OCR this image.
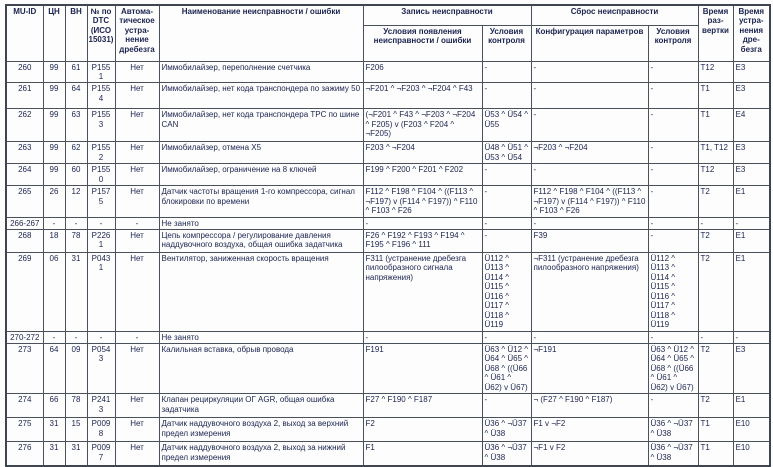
MU-ID	ЦН	ВН	№ по DTC (ИСО 15031)	Автома-тическое устра-нение дребезга	Наименование неисправности / ошибки	Запись неисправности		Сброс неисправности		Время раз-вертки	Время устра-нения дре-безга
						Условия появления неисправности / ошибки	Условия контроля	Конфигурация параметров	Условия контроля		
260	99	61	P1551	Нет	Иммобилайзер, переполнение счетчика	F206	-	-	-	T12	E3
261	99	64	P1554	Нет	Иммобилайзер, нет кода транспондера по зажиму 50	¬F201 ^ ¬F203 ^ ¬F204 ^ F43	-	-	-	T1	E3
262	99	63	P1553	Нет	Иммобилайзер, нет кода транспондера TPC по шине CAN	(¬F201 ^ F43 ^ ¬F203 ^ ¬F204 ^ F205) v (F203 ^ F204 ^ ¬F205)	Ü53 ^ Ü54 ^ Ü55	-	-	T1	E4
263	99	62	P1552	Нет	Иммобилайзер, отмена X5	F203 ^ ¬F204	Ü48 ^ Ü51 ^ Ü53 ^ Ü54	¬F203 ^ ¬F204	-	T1, T12	E3
264	99	60	P1550	Нет	Иммобилайзер, ограничение на 8 ключей	F199 ^ F200 ^ F201 ^ F202	-	-	-	T12	E3
265	26	12	P1575	Нет	Датчик частоты вращения 1-го компрессора, сигнал блокировки по времени	F112 ^ F198 ^ F104 ^ ((F113 ^ ¬F197) v (F114 ^ F197)) ^ F110 ^ F103 ^ F26	-	F112 ^ F198 ^ F104 ^ ((F113 ^ ¬F197) v (F114 ^ F197)) ^ F110 ^ F103 ^ F26	-	T2	E1
266-267	-	-	-	-	Не занято	-	-	-	-	-	-
268	18	78	P2261	Нет	Цепь компрессора / регулирование давления наддувочного воздуха, общая ошибка задатчика	F26 ^ F192 ^ F193 ^ F194 ^ F195 ^ F196 ^ 111	-	F39	-	T2	E1
269	06	31	P0431	Нет	Вентилятор, заниженная скорость вращения	F311 (устранение дребезга пилообразного сигнала напряжения)	Ü112 ^ Ü113 ^ Ü114 ^ Ü115 ^ Ü116 ^ Ü117 ^ Ü118 ^ Ü119	¬F311 (устранение дребезга пилообразного напряжения)	Ü112 ^ Ü113 ^ Ü114 ^ Ü115 ^ Ü116 ^ Ü117 ^ Ü118 ^ Ü119	T2	E1
270-272	-	-	-	-	Не занято	-	-	-	-	-	-
273	64	09	P0543	Нет	Калильная вставка, обрыв провода	F191	Ü63 ^ Ü12 ^ Ü64 ^ Ü65 ^ Ü68 ^ ((Ü66 ^ Ü61 ^ Ü62) v Ü67)	¬F191	Ü63 ^ Ü12 ^ Ü64 ^ Ü65 ^ Ü68 ^ ((Ü66 ^ Ü61 ^ Ü62) v Ü67)	T2	E3
274	66	78	P2413	Нет	Клапан рециркуляции ОГ AGR, общая ошибка задатчика	F27 ^ F190 ^ F187	-	¬ (F27 ^ F190 ^ F187)	-	T2	E1
275	31	15	P0098	Нет	Датчик наддувочного воздуха 2, выход за верхний предел измерения	F2	Ü36 ^ ¬Ü37 ^ Ü38	F1 v ¬F2	Ü36 ^ ¬Ü37 ^ Ü38	T1	E10
276	31	31	P0097	Нет	Датчик наддувочного воздуха 2, выход за нижний предел измерения	F1	Ü36 ^ ¬Ü37 ^ Ü38	¬F1 v F2	Ü36 ^ ¬Ü37 ^ Ü38	T1	E10
